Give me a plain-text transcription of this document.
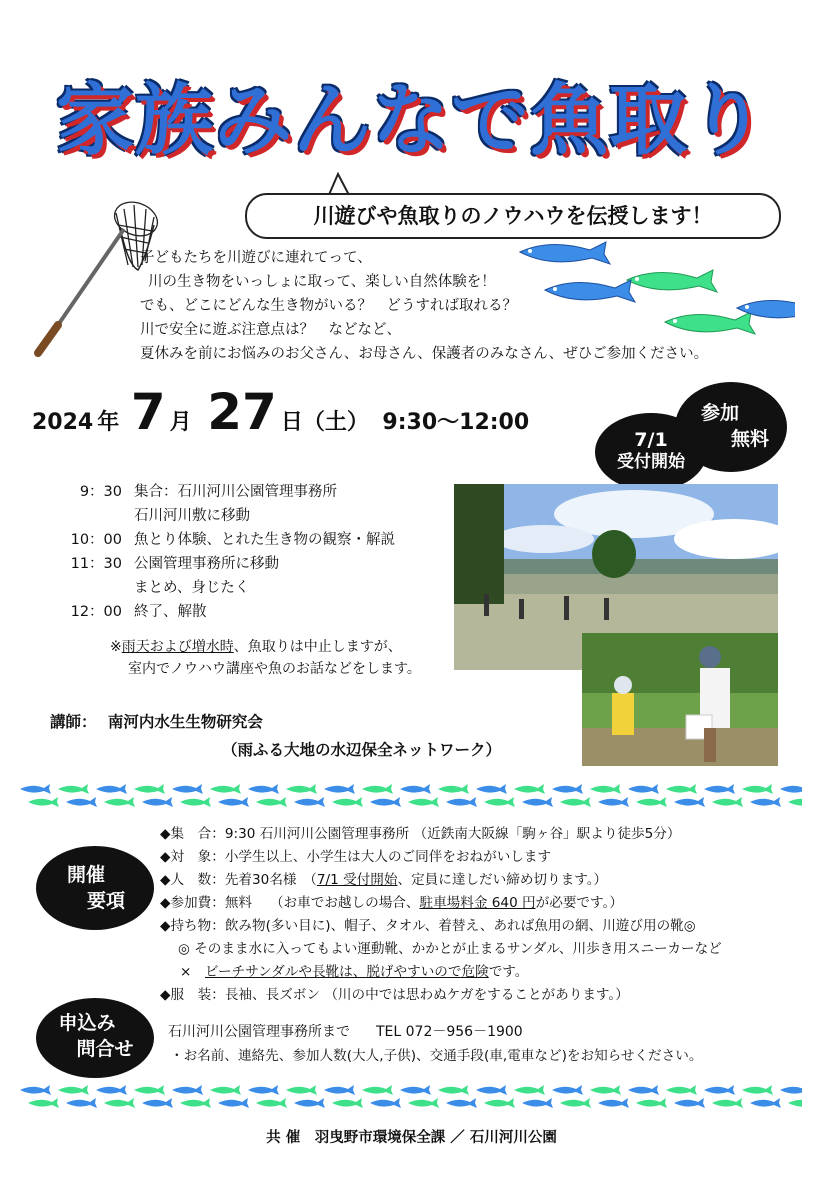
家族みんなで魚取り
川遊びや魚取りのノウハウを伝授します！
子どもたちを川遊びに連れてって、
川の生き物をいっしょに取って、楽しい自然体験を！
でも、どこにどんな生き物がいる？　どうすれば取れる？
川で安全に遊ぶ注意点は？　などなど、
夏休みを前にお悩みのお父さん、お母さん、保護者のみなさん、ぜひご参加ください。
2024 年 7 月 27 日（土） 9:30～12:00
7/1
受付開始
参加
無料
9：30 集合：石川河川公園管理事務所
石川河川敷に移動
10：00 魚とり体験、とれた生き物の観察・解説
11：30 公園管理事務所に移動
まとめ、身じたく
12：00 終了、解散
※雨天および増水時、魚取りは中止しますが、
室内でノウハウ講座や魚のお話などをします。
講師： 南河内水生生物研究会
（雨ふる大地の水辺保全ネットワーク）
開催
要項
◆集　合：9:30 石川河川公園管理事務所 （近鉄南大阪線「駒ヶ谷」駅より徒歩5分）
◆対　象：小学生以上、小学生は大人のご同伴をおねがいします
◆人　数：先着30名様　（7/1 受付開始、定員に達しだい締め切ります。）
◆参加費：無料　 （お車でお越しの場合、駐車場料金 640 円が必要です。）
◆持ち物：飲み物(多い目に)、帽子、タオル、着替え、あれば魚用の網、川遊び用の靴◎
◎ そのまま水に入ってもよい運動靴、かかとが止まるサンダル、川歩き用スニーカーなど
×　 ビーチサンダルや長靴は、脱げやすいので危険です。
◆服　装：長袖、長ズボン （川の中では思わぬケガをすることがあります。）
申込み
問合せ
石川河川公園管理事務所まで TEL 072－956－1900
・お名前、連絡先、参加人数(大人,子供)、交通手段(車,電車など)をお知らせください。
共 催　羽曳野市環境保全課 ／ 石川河川公園
